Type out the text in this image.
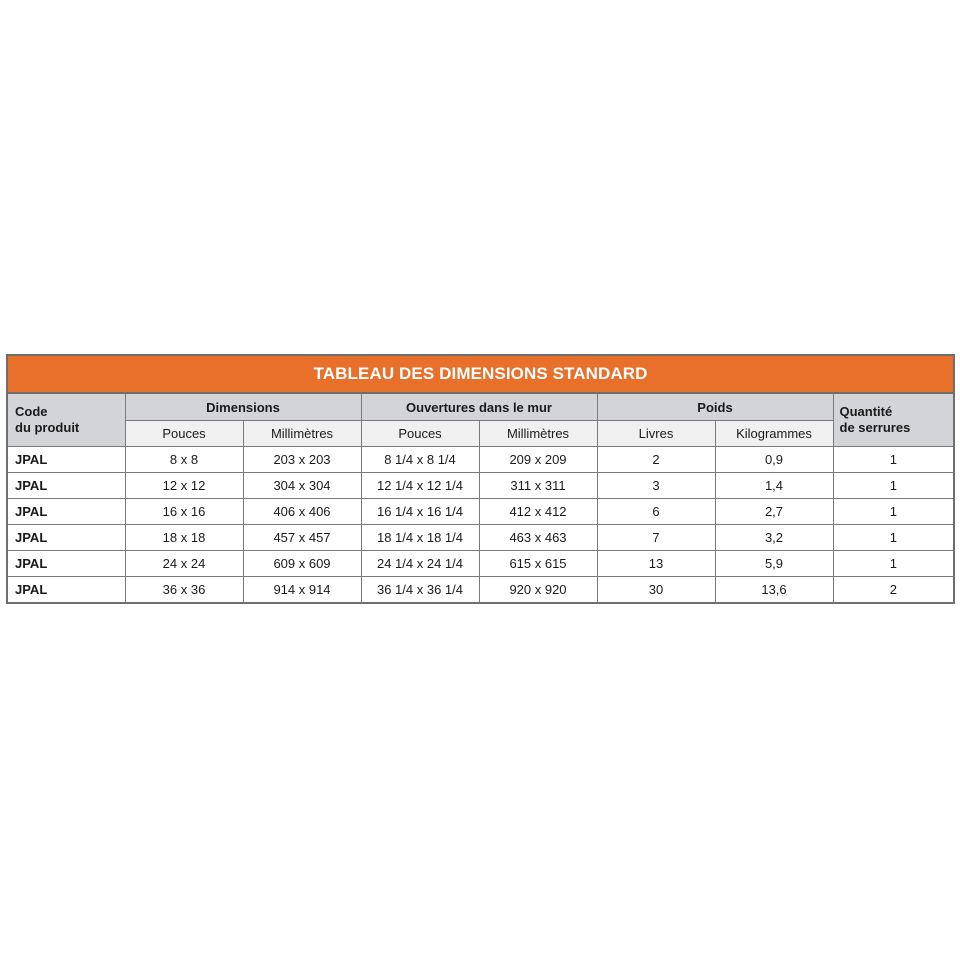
TABLEAU DES DIMENSIONS STANDARD							

Code
du produit	Dimensions		Ouvertures dans le mur		Poids		Quantité
de serrures

	Pouces	Millimètres	Pouces	Millimètres	Livres	Kilogrammes	
JPAL	8 x 8	203 x 203	8 1/4 x 8 1/4	209 x 209	2	0,9	1
JPAL	12 x 12	304 x 304	12 1/4 x 12 1/4	311 x 311	3	1,4	1
JPAL	16 x 16	406 x 406	16 1/4 x 16 1/4	412 x 412	6	2,7	1
JPAL	18 x 18	457 x 457	18 1/4 x 18 1/4	463 x 463	7	3,2	1
JPAL	24 x 24	609 x 609	24 1/4 x 24 1/4	615 x 615	13	5,9	1
JPAL	36 x 36	914 x 914	36 1/4 x 36 1/4	920 x 920	30	13,6	2
